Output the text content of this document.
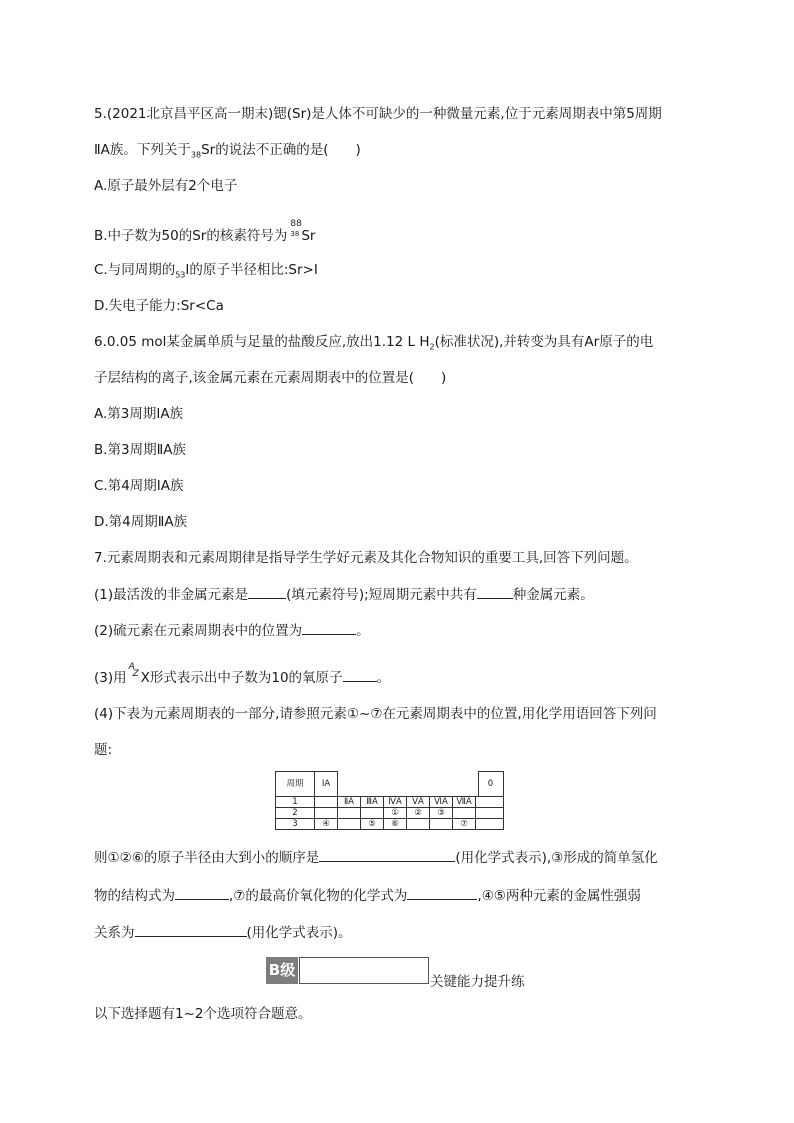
5.(2021北京昌平区高一期末)锶(Sr)是人体不可缺少的一种微量元素,位于元素周期表中第5周期
ⅡA族。下列关于$_{38}$Sr的说法不正确的是(　　)
A.原子最外层有2个电子
B.中子数为50的Sr的核素符号为
88
38 Sr
C.与同周期的$_{53}$I的原子半径相比:Sr>I
D.失电子能力:Sr<Ca
6.0.05 mol某金属单质与足量的盐酸反应,放出1.12 L $H_2$(标准状况),并转变为具有Ar原子的电
子层结构的离子,该金属元素在元素周期表中的位置是(　　)
A.第3周期ⅠA族
B.第3周期ⅡA族
C.第4周期ⅠA族
D.第4周期ⅡA族
7.元素周期表和元素周期律是指导学生学好元素及其化合物知识的重要工具,回答下列问题。
(1)最活泼的非金属元素是	(填元素符号);短周期元素中共有	种金属元素。
(2)硫元素在元素周期表中的位置为	。
(3)用
A
Z X形式表示出中子数为10的氧原子	。
(4)下表为元素周期表的一部分,请参照元素①~⑦在元素周期表中的位置,用化学用语回答下列问
题:
周期	ⅠA								0
1		ⅡA	ⅢA	ⅣA	ⅤA	ⅥA	ⅦA		
2				①	②	③			
3	④		⑤	⑥			⑦		
则①②⑥的原子半径由大到小的顺序是	(用化学式表示),③形成的简单氢化
物的结构式为	,⑦的最高价氧化物的化学式为	,④⑤两种元素的金属性强弱
关系为	(用化学式表示)。
B级
关键能力提升练
以下选择题有1~2个选项符合题意。
